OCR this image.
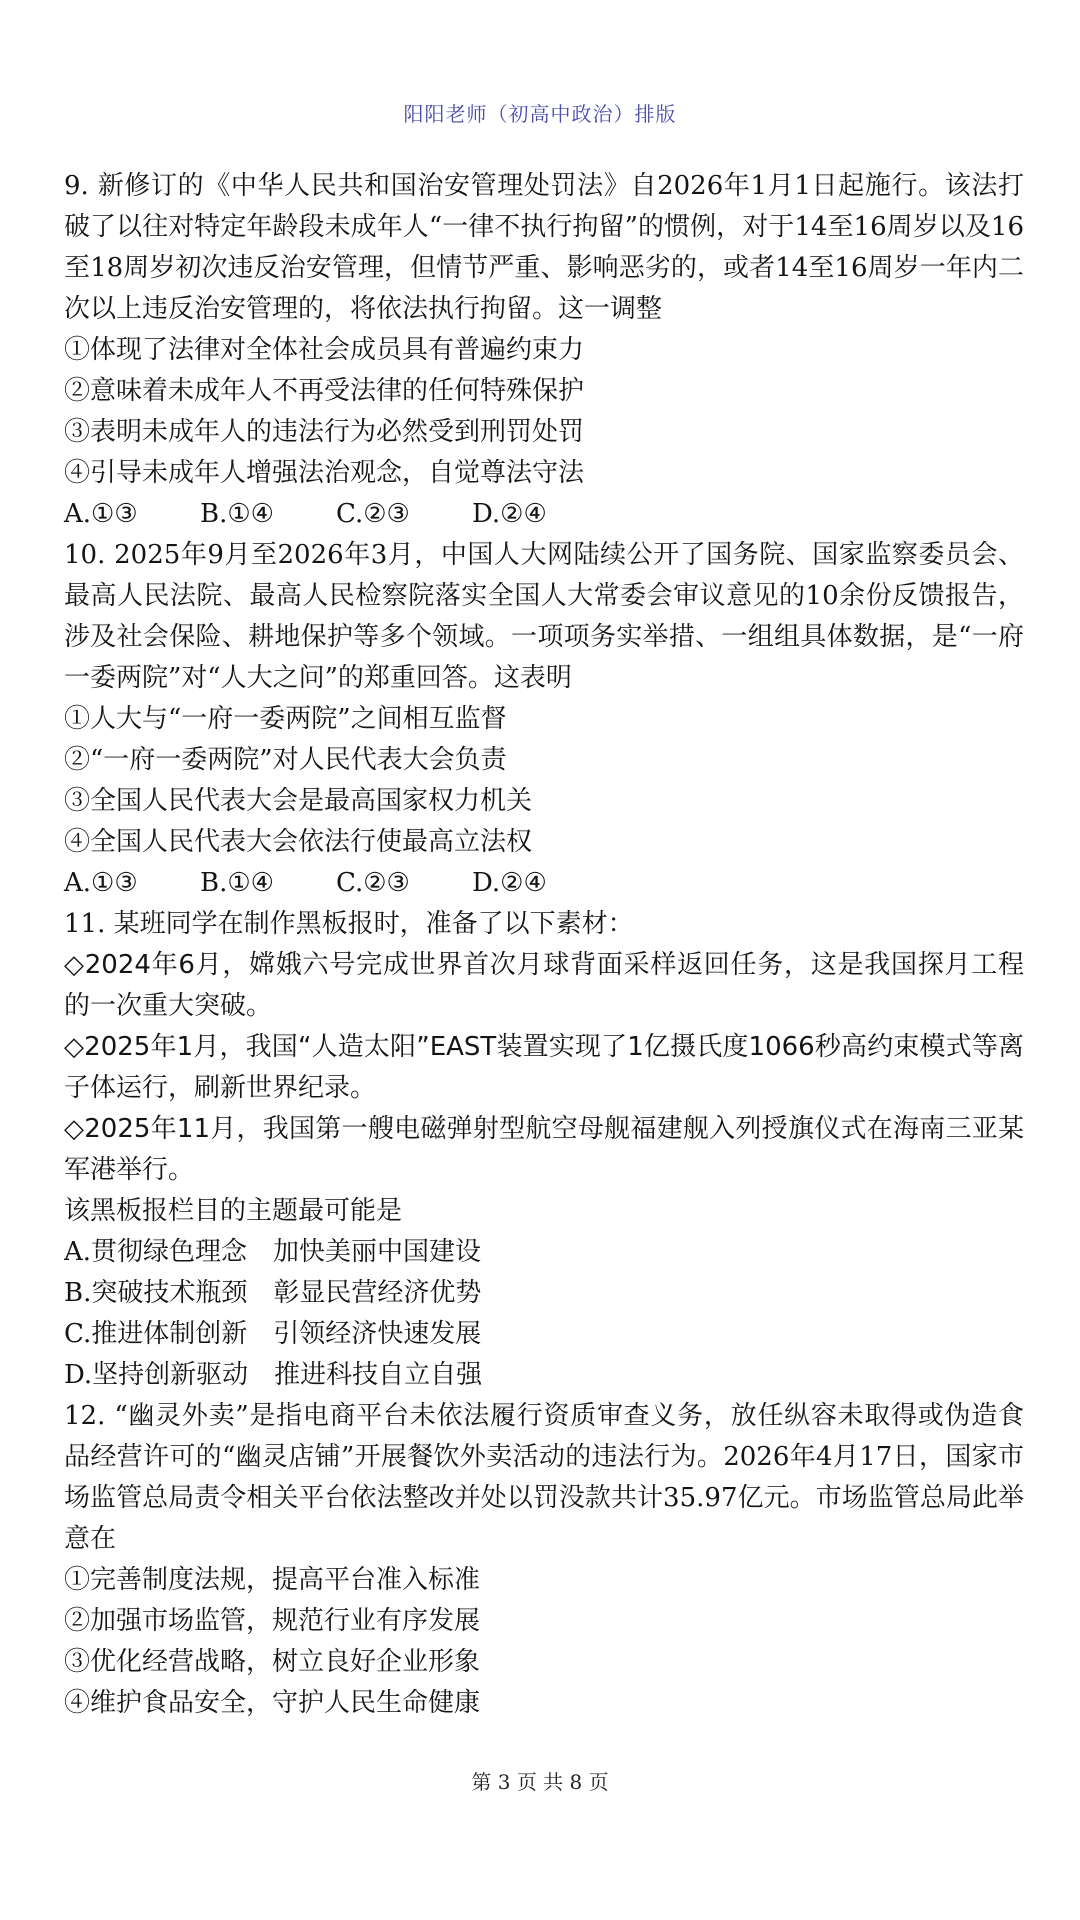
阳阳老师（初高中政治）排版
9. 新修订的《中华人民共和国治安管理处罚法》自2026年1月1日起施行。该法打破了以往对特定年龄段未成年人“一律不执行拘留”的惯例，对于14至16周岁以及16至18周岁初次违反治安管理，但情节严重、影响恶劣的，或者14至16周岁一年内二次以上违反治安管理的，将依法执行拘留。这一调整
①体现了法律对全体社会成员具有普遍约束力
②意味着未成年人不再受法律的任何特殊保护
③表明未成年人的违法行为必然受到刑罚处罚
④引导未成年人增强法治观念，自觉尊法守法
A.①③	B.①④	C.②③	D.②④
10. 2025年9月至2026年3月，中国人大网陆续公开了国务院、国家监察委员会、最高人民法院、最高人民检察院落实全国人大常委会审议意见的10余份反馈报告，涉及社会保险、耕地保护等多个领域。一项项务实举措、一组组具体数据，是“一府一委两院”对“人大之问”的郑重回答。这表明
①人大与“一府一委两院”之间相互监督
②“一府一委两院”对人民代表大会负责
③全国人民代表大会是最高国家权力机关
④全国人民代表大会依法行使最高立法权
A.①③	B.①④	C.②③	D.②④
11. 某班同学在制作黑板报时，准备了以下素材：
◇2024年6月，嫦娥六号完成世界首次月球背面采样返回任务，这是我国探月工程的一次重大突破。
◇2025年1月，我国“人造太阳”EAST装置实现了1亿摄氏度1066秒高约束模式等离子体运行，刷新世界纪录。
◇2025年11月，我国第一艘电磁弹射型航空母舰福建舰入列授旗仪式在海南三亚某军港举行。
该黑板报栏目的主题最可能是
A.贯彻绿色理念　加快美丽中国建设
B.突破技术瓶颈　彰显民营经济优势
C.推进体制创新　引领经济快速发展
D.坚持创新驱动　推进科技自立自强
12. “幽灵外卖”是指电商平台未依法履行资质审查义务，放任纵容未取得或伪造食品经营许可的“幽灵店铺”开展餐饮外卖活动的违法行为。2026年4月17日，国家市场监管总局责令相关平台依法整改并处以罚没款共计35.97亿元。市场监管总局此举意在
①完善制度法规，提高平台准入标准
②加强市场监管，规范行业有序发展
③优化经营战略，树立良好企业形象
④维护食品安全，守护人民生命健康
第 3 页 共 8 页
